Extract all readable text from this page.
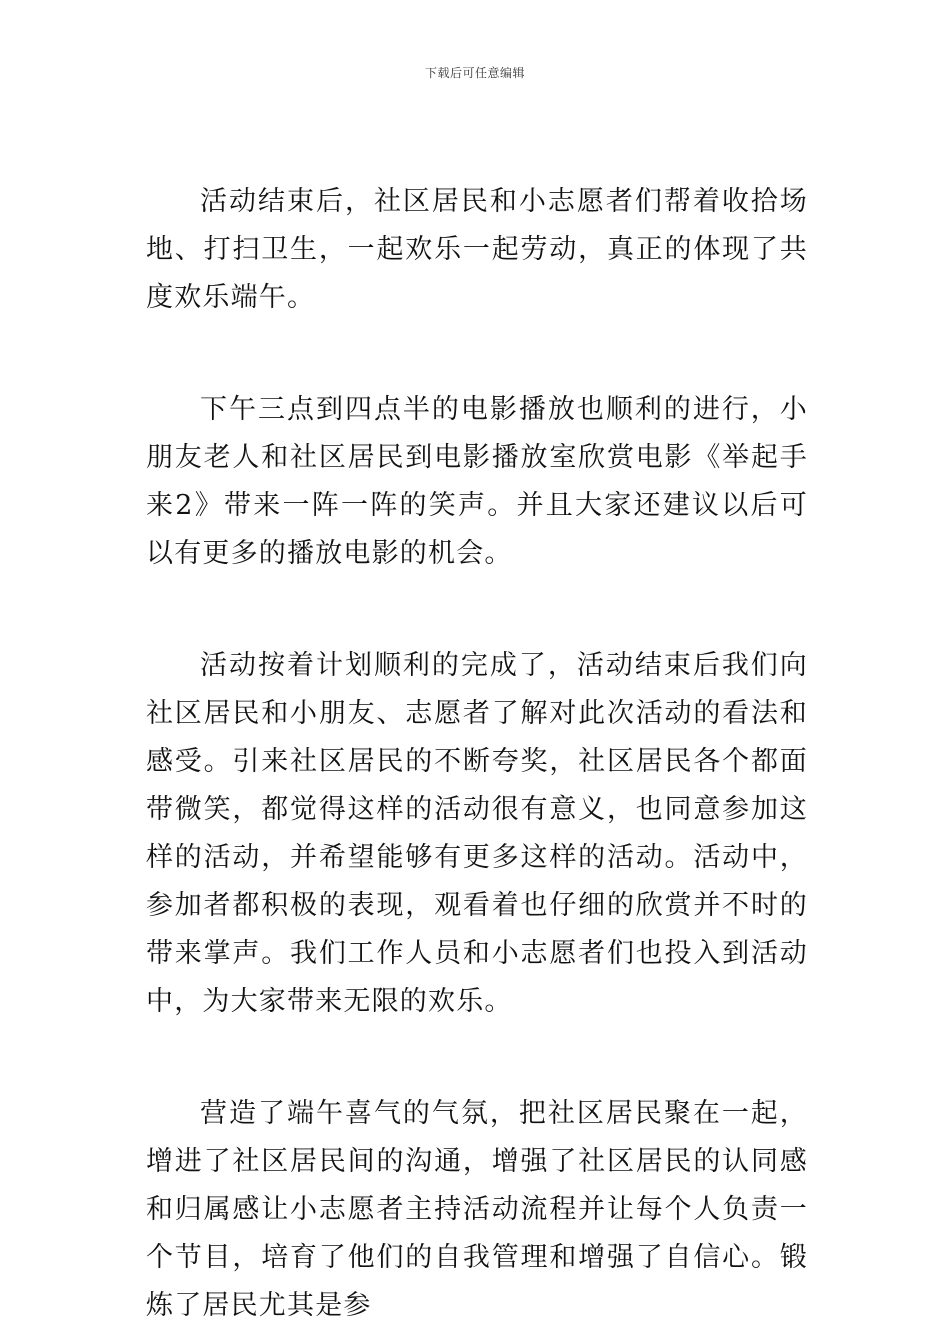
下载后可任意编辑

活动结束后，社区居民和小志愿者们帮着收拾场地、打扫卫生，一起欢乐一起劳动，真正的体现了共度欢乐端午。

下午三点到四点半的电影播放也顺利的进行，小朋友老人和社区居民到电影播放室欣赏电影《举起手来2》带来一阵一阵的笑声。并且大家还建议以后可以有更多的播放电影的机会。

活动按着计划顺利的完成了，活动结束后我们向社区居民和小朋友、志愿者了解对此次活动的看法和感受。引来社区居民的不断夸奖，社区居民各个都面带微笑，都觉得这样的活动很有意义，也同意参加这样的活动，并希望能够有更多这样的活动。活动中，参加者都积极的表现，观看着也仔细的欣赏并不时的带来掌声。我们工作人员和小志愿者们也投入到活动中，为大家带来无限的欢乐。

营造了端午喜气的气氛，把社区居民聚在一起，增进了社区居民间的沟通，增强了社区居民的认同感和归属感让小志愿者主持活动流程并让每个人负责一个节目，培育了他们的自我管理和增强了自信心。锻炼了居民尤其是参
